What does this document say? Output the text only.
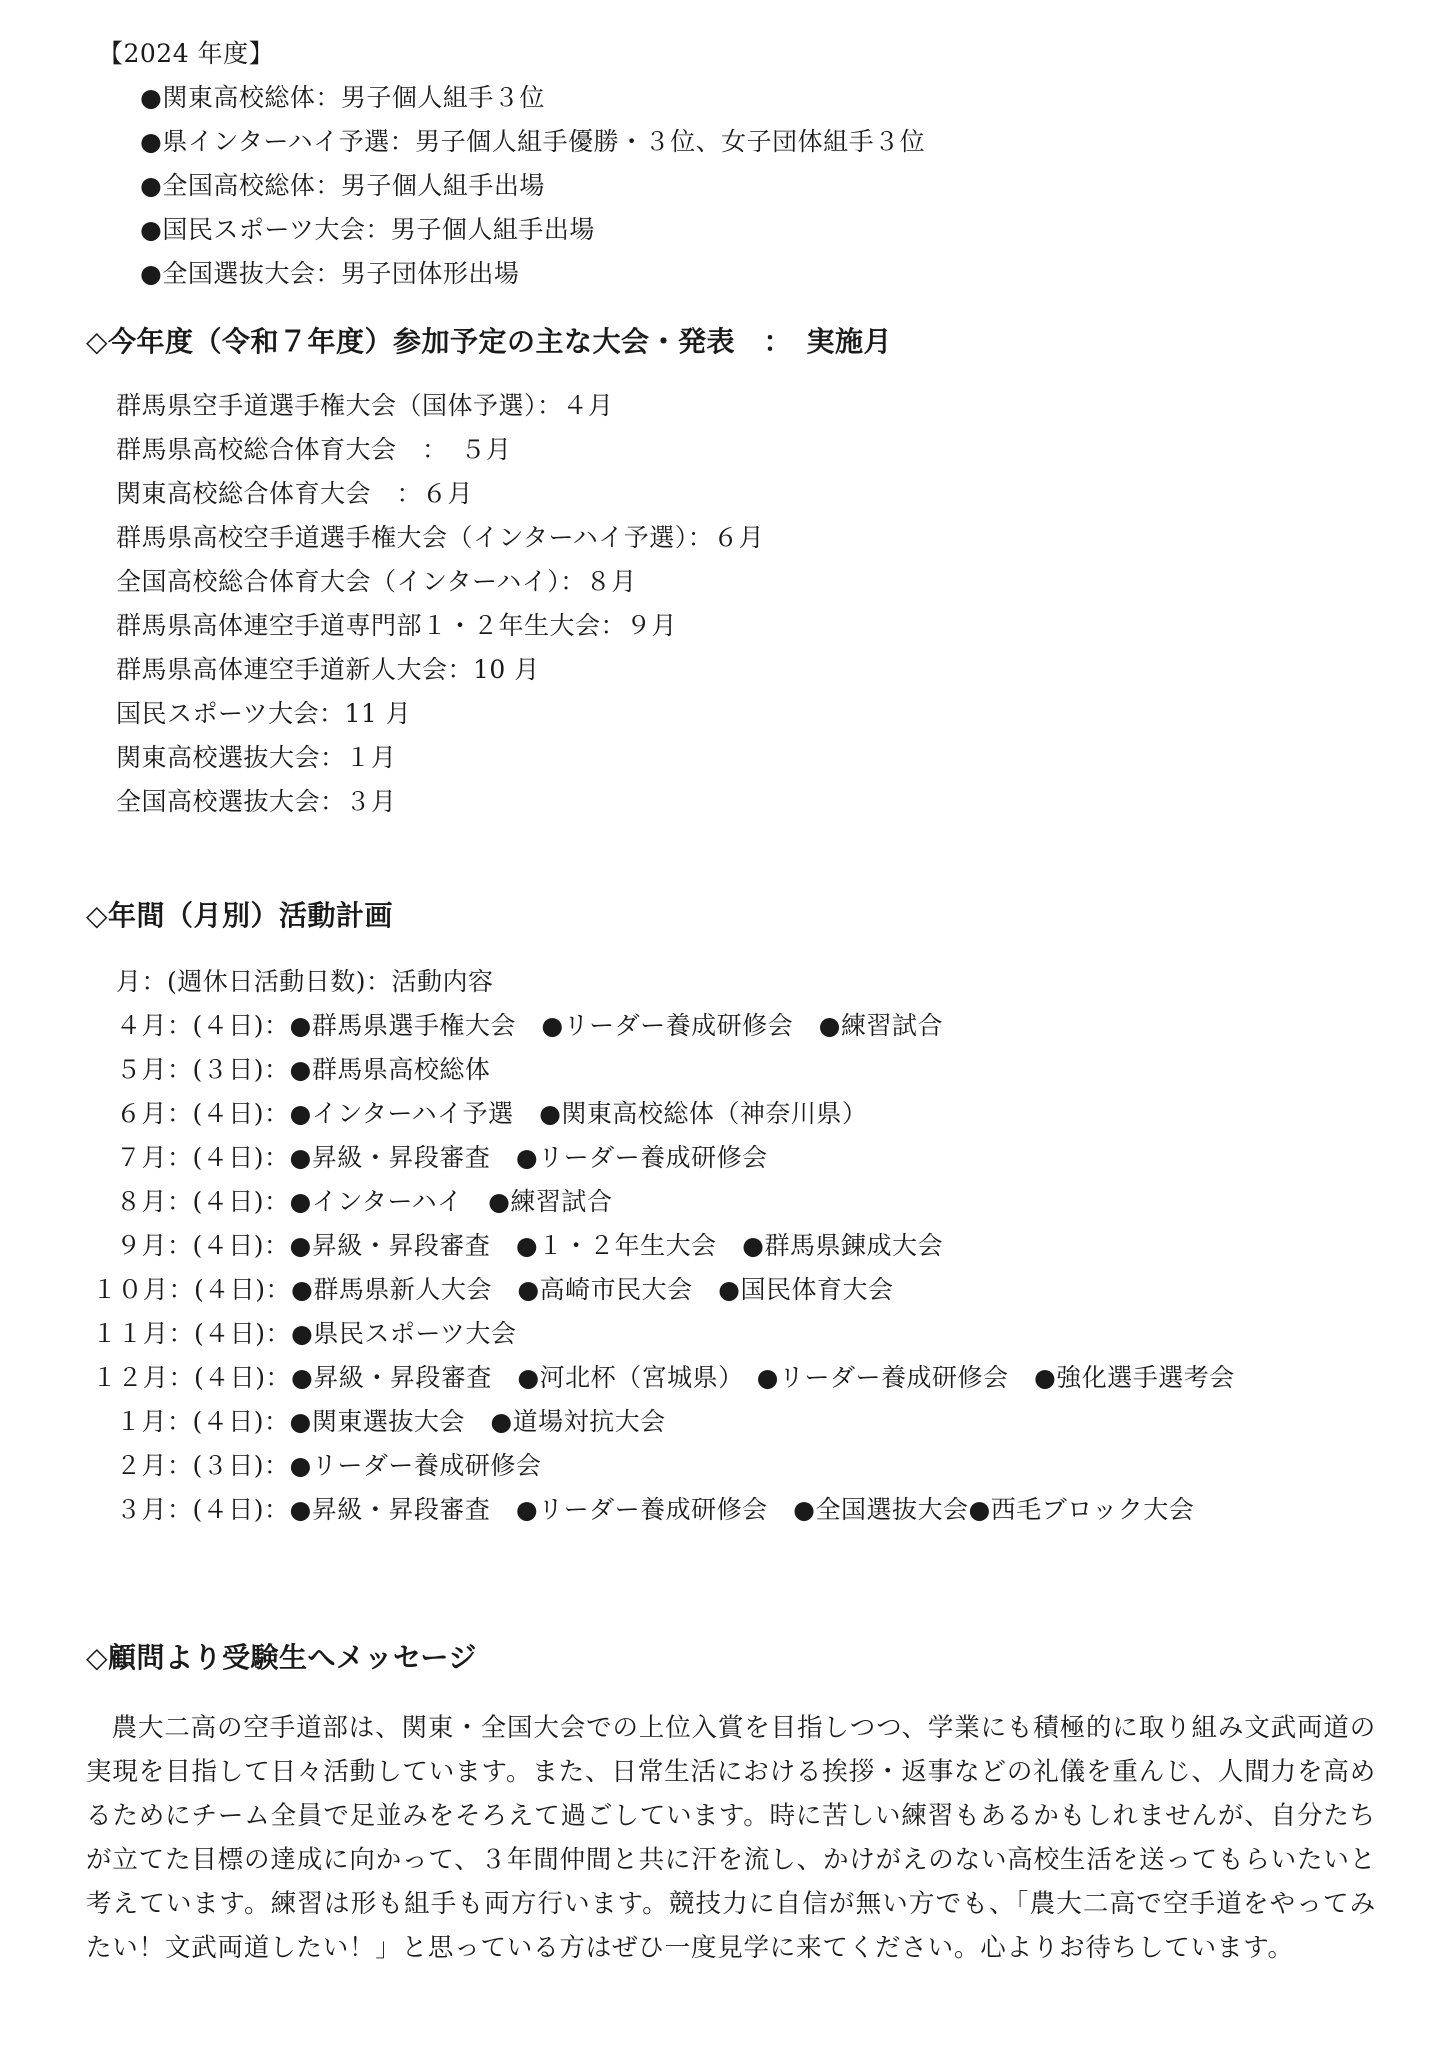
【2024 年度】
●関東高校総体：男子個人組手３位
●県インターハイ予選：男子個人組手優勝・３位、女子団体組手３位
●全国高校総体：男子個人組手出場
●国民スポーツ大会：男子個人組手出場
●全国選抜大会：男子団体形出場
◇今年度（令和７年度）参加予定の主な大会・発表　：　実施月
群馬県空手道選手権大会（国体予選）：４月
群馬県高校総合体育大会　：　５月
関東高校総合体育大会　：６月
群馬県高校空手道選手権大会（インターハイ予選）：６月
全国高校総合体育大会（インターハイ）：８月
群馬県高体連空手道専門部１・２年生大会：９月
群馬県高体連空手道新人大会：10 月
国民スポーツ大会：11 月
関東高校選抜大会：１月
全国高校選抜大会：３月
◇年間（月別）活動計画
月：(週休日活動日数)：活動内容
４月：(４日)：●群馬県選手権大会　●リーダー養成研修会　●練習試合
５月：(３日)：●群馬県高校総体
６月：(４日)：●インターハイ予選　●関東高校総体（神奈川県）
７月：(４日)：●昇級・昇段審査　●リーダー養成研修会
８月：(４日)：●インターハイ　●練習試合
９月：(４日)：●昇級・昇段審査　●１・２年生大会　●群馬県錬成大会
１０月：(４日)：●群馬県新人大会　●高崎市民大会　●国民体育大会
１１月：(４日)：●県民スポーツ大会
１２月：(４日)：●昇級・昇段審査　●河北杯（宮城県）　●リーダー養成研修会　●強化選手選考会
１月：(４日)：●関東選抜大会　●道場対抗大会
２月：(３日)：●リーダー養成研修会
３月：(４日)：●昇級・昇段審査　●リーダー養成研修会　●全国選抜大会●西毛ブロック大会
◇顧問より受験生へメッセージ

農大二高の空手道部は、関東・全国大会での上位入賞を目指しつつ、学業にも積極的に取り組み文武両道の実現を目指して日々活動しています。また、日常生活における挨拶・返事などの礼儀を重んじ、人間力を高めるためにチーム全員で足並みをそろえて過ごしています。時に苦しい練習もあるかもしれませんが、自分たちが立てた目標の達成に向かって、３年間仲間と共に汗を流し、かけがえのない高校生活を送ってもらいたいと考えています。練習は形も組手も両方行います。競技力に自信が無い方でも、「農大二高で空手道をやってみたい！文武両道したい！」と思っている方はぜひ一度見学に来てください。心よりお待ちしています。
